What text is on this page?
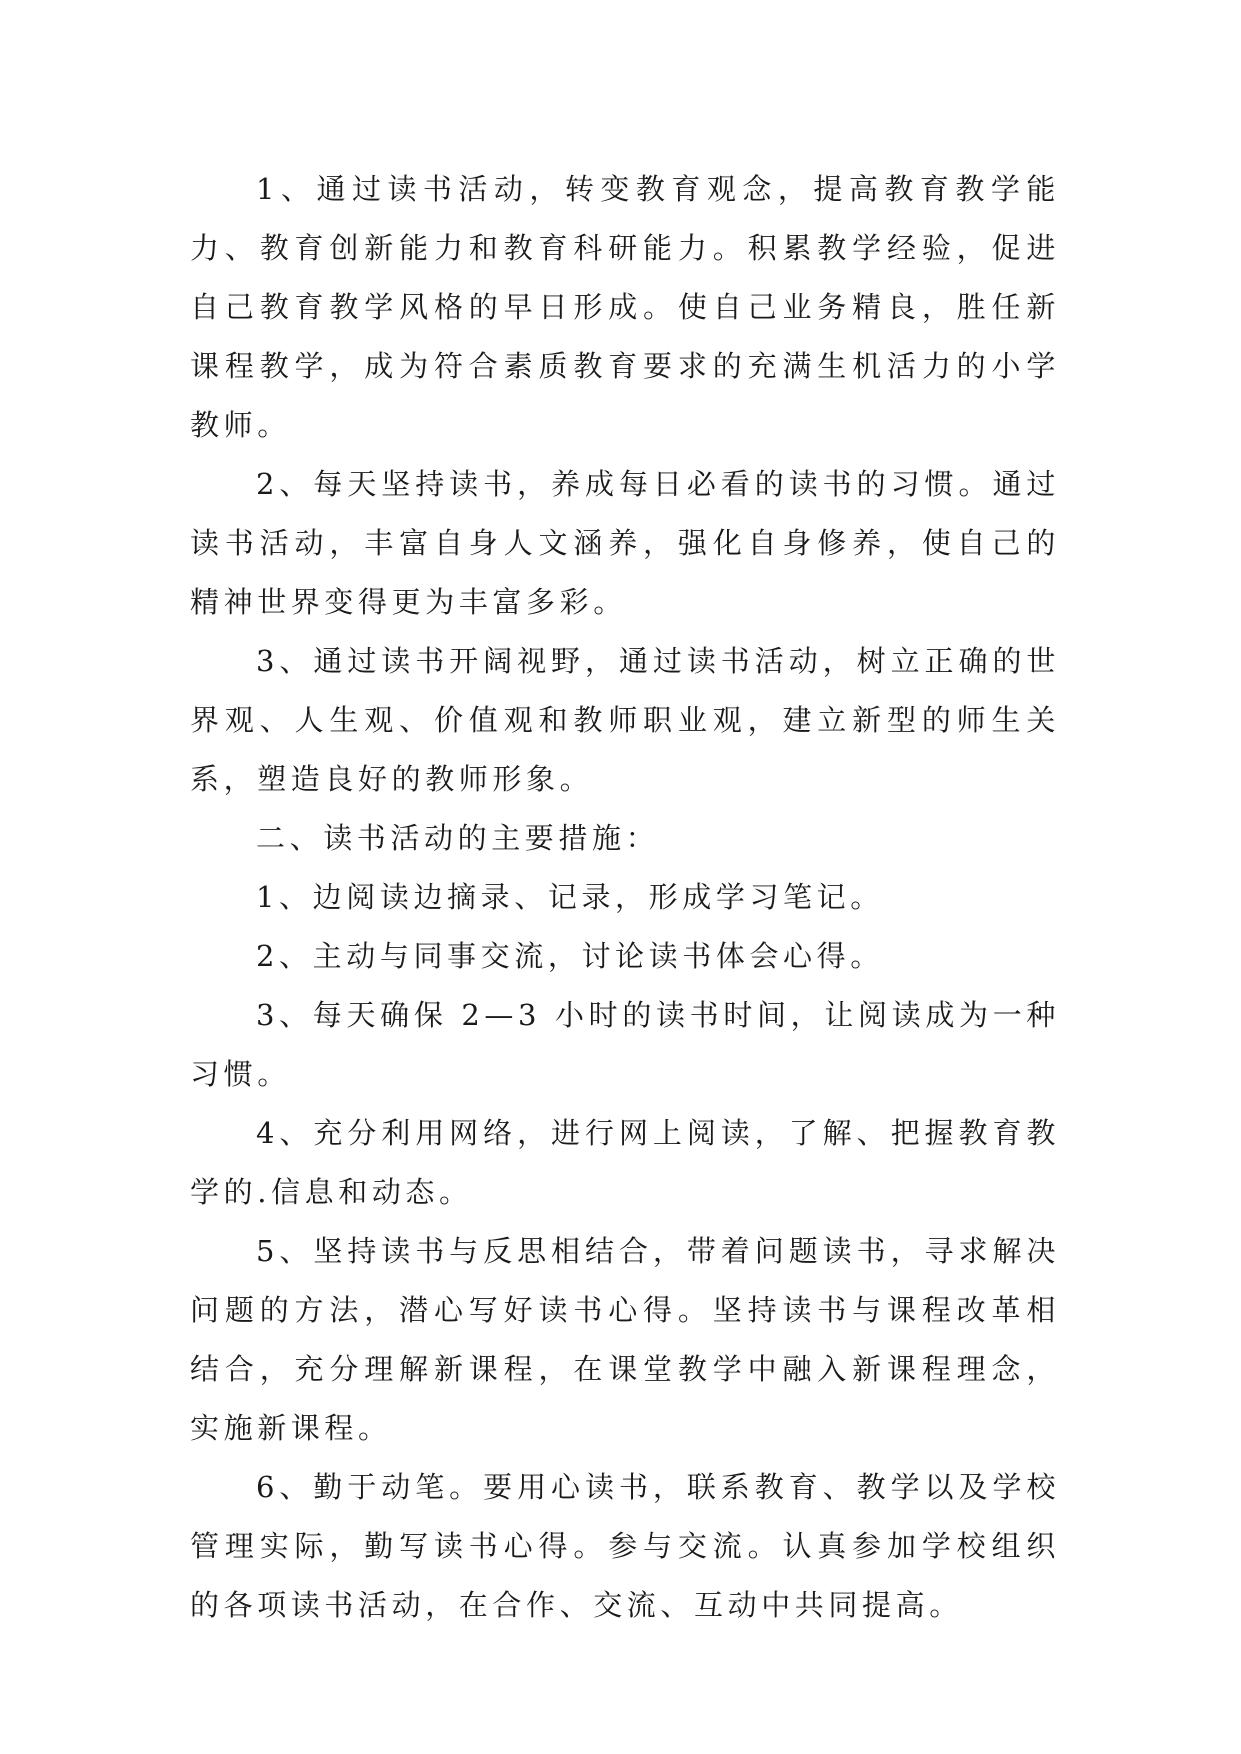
1、通过读书活动，转变教育观念，提高教育教学能力、教育创新能力和教育科研能力。积累教学经验，促进自己教育教学风格的早日形成。使自己业务精良，胜任新课程教学，成为符合素质教育要求的充满生机活力的小学教师。

2、每天坚持读书，养成每日必看的读书的习惯。通过读书活动，丰富自身人文涵养，强化自身修养，使自己的精神世界变得更为丰富多彩。

3、通过读书开阔视野，通过读书活动，树立正确的世界观、人生观、价值观和教师职业观，建立新型的师生关系，塑造良好的教师形象。

二、读书活动的主要措施：

1、边阅读边摘录、记录，形成学习笔记。

2、主动与同事交流，讨论读书体会心得。

3、每天确保 2—3 小时的读书时间，让阅读成为一种习惯。

4、充分利用网络，进行网上阅读，了解、把握教育教学的.信息和动态。

5、坚持读书与反思相结合，带着问题读书，寻求解决问题的方法，潜心写好读书心得。坚持读书与课程改革相结合，充分理解新课程，在课堂教学中融入新课程理念，实施新课程。

6、勤于动笔。要用心读书，联系教育、教学以及学校管理实际，勤写读书心得。参与交流。认真参加学校组织的各项读书活动，在合作、交流、互动中共同提高。
